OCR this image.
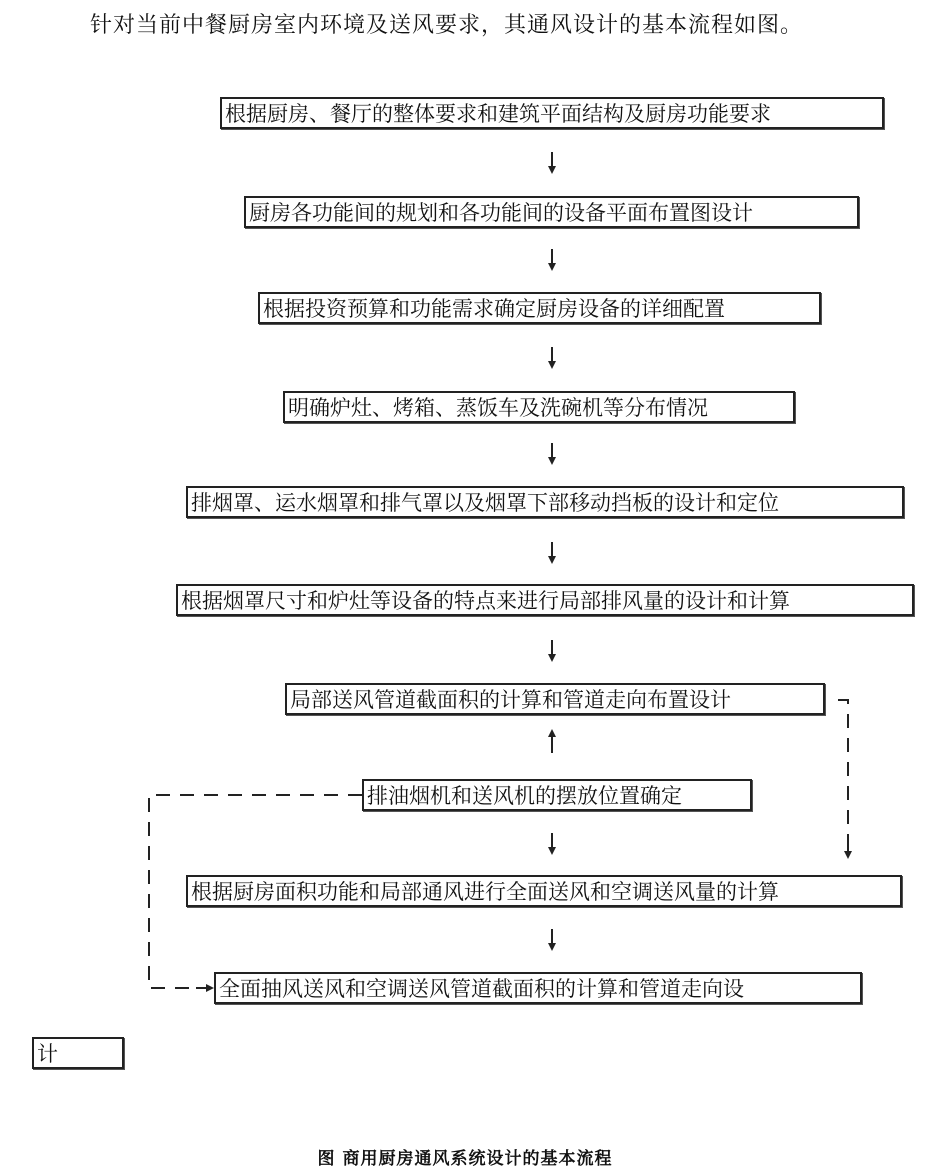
针对当前中餐厨房室内环境及送风要求，其通风设计的基本流程如图。
根据厨房、餐厅的整体要求和建筑平面结构及厨房功能要求
厨房各功能间的规划和各功能间的设备平面布置图设计
根据投资预算和功能需求确定厨房设备的详细配置
明确炉灶、烤箱、蒸饭车及洗碗机等分布情况
排烟罩、运水烟罩和排气罩以及烟罩下部移动挡板的设计和定位
根据烟罩尺寸和炉灶等设备的特点来进行局部排风量的设计和计算
局部送风管道截面积的计算和管道走向布置设计
排油烟机和送风机的摆放位置确定
根据厨房面积功能和局部通风进行全面送风和空调送风量的计算
全面抽风送风和空调送风管道截面积的计算和管道走向设
计
图 商用厨房通风系统设计的基本流程
